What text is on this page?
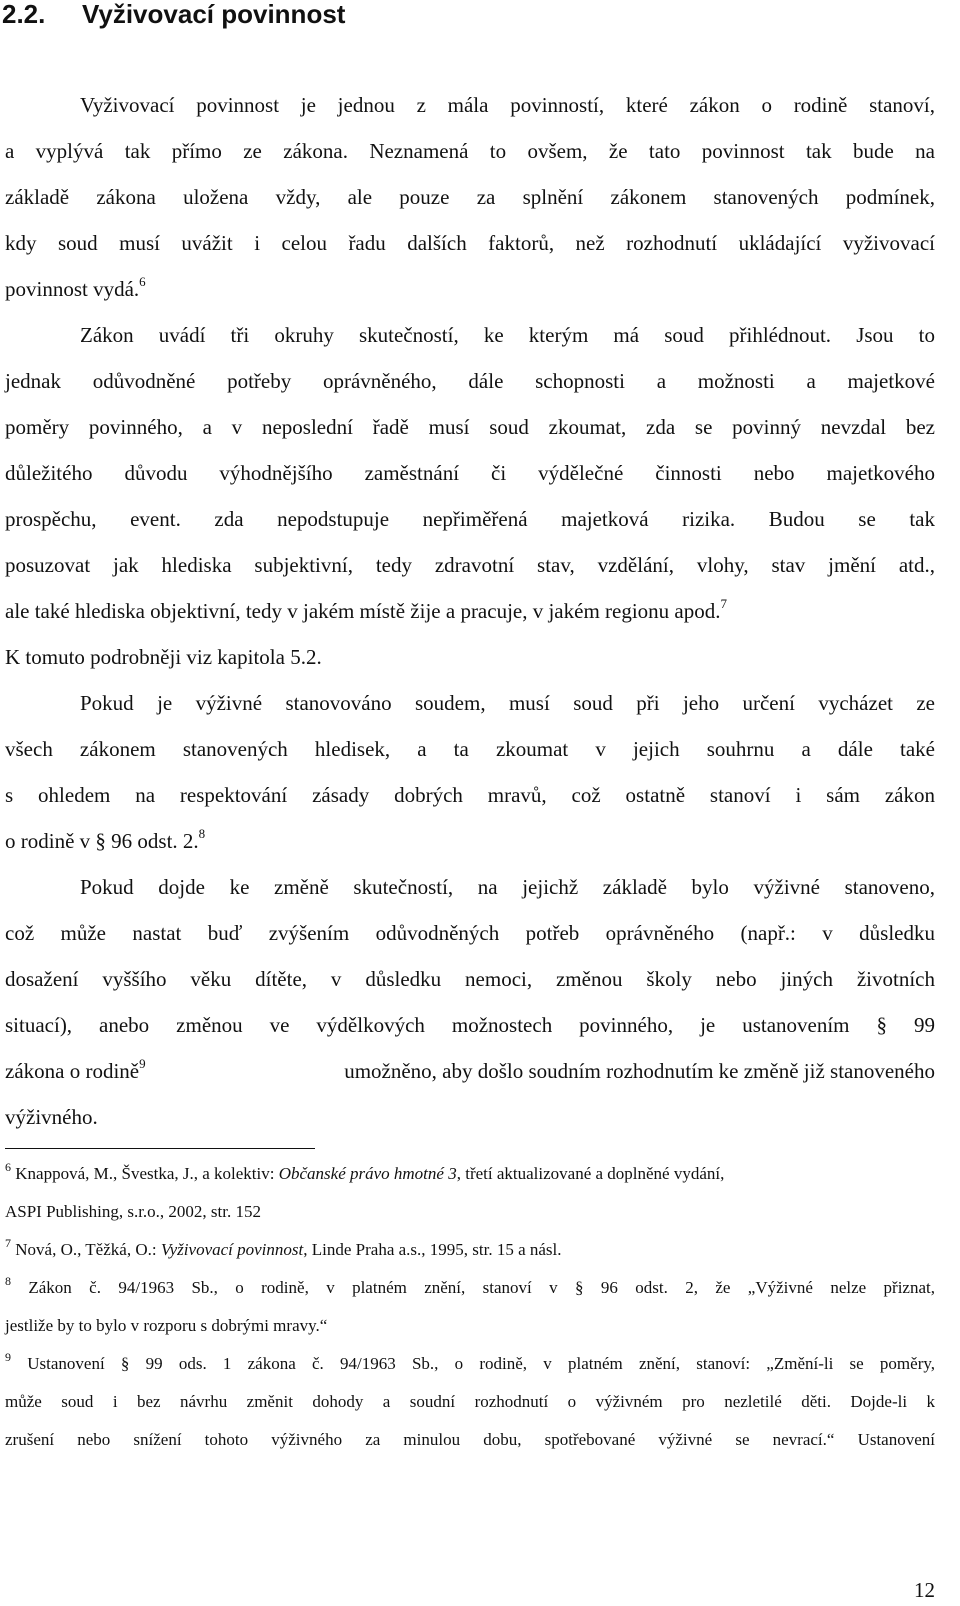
2.2. Vyživovací povinnost
Vyživovací povinnost je jednou z mála povinností, které zákon o rodině stanoví,
a vyplývá tak přímo ze zákona. Neznamená to ovšem, že tato povinnost tak bude na
základě zákona uložena vždy, ale pouze za splnění zákonem stanovených podmínek,
kdy soud musí uvážit i celou řadu dalších faktorů, než rozhodnutí ukládající vyživovací
povinnost vydá.$^6$
Zákon uvádí tři okruhy skutečností, ke kterým má soud přihlédnout. Jsou to
jednak odůvodněné potřeby oprávněného, dále schopnosti a možnosti a majetkové
poměry povinného, a v neposlední řadě musí soud zkoumat, zda se povinný nevzdal bez
důležitého důvodu výhodnějšího zaměstnání či výdělečné činnosti nebo majetkového
prospěchu, event. zda nepodstupuje nepřiměřená majetková rizika. Budou se tak
posuzovat jak hlediska subjektivní, tedy zdravotní stav, vzdělání, vlohy, stav jmění atd.,
ale také hlediska objektivní, tedy v jakém místě žije a pracuje, v jakém regionu apod.$^7$
K tomuto podrobněji viz kapitola 5.2.
Pokud je výživné stanovováno soudem, musí soud při jeho určení vycházet ze
všech zákonem stanovených hledisek, a ta zkoumat v jejich souhrnu a dále také
s ohledem na respektování zásady dobrých mravů, což ostatně stanoví i sám zákon
o rodině v § 96 odst. 2.$^8$
Pokud dojde ke změně skutečností, na jejichž základě bylo výživné stanoveno,
což může nastat buď zvýšením odůvodněných potřeb oprávněného (např.: v důsledku
dosažení vyššího věku dítěte, v důsledku nemoci, změnou školy nebo jiných životních
situací), anebo změnou ve výdělkových možnostech povinného, je ustanovením § 99
zákona o rodině$^9$	umožněno, aby došlo soudním rozhodnutím ke změně již stanoveného
výživného.
$^6$ Knappová, M., Švestka, J., a kolektiv: Občanské právo hmotné 3, třetí aktualizované a doplněné vydání,
ASPI Publishing, s.r.o., 2002, str. 152
$^7$ Nová, O., Těžká, O.: Vyživovací povinnost, Linde Praha a.s., 1995, str. 15 a násl.
$^8$ Zákon č. 94/1963 Sb., o rodině, v platném znění, stanoví v § 96 odst. 2, že „Výživné nelze přiznat,
jestliže by to bylo v rozporu s dobrými mravy.“
$^9$ Ustanovení § 99 ods. 1 zákona č. 94/1963 Sb., o rodině, v platném znění, stanoví: „Změní-li se poměry,
může soud i bez návrhu změnit dohody a soudní rozhodnutí o výživném pro nezletilé děti. Dojde-li k
zrušení nebo snížení tohoto výživného za minulou dobu, spotřebované výživné se nevrací.“ Ustanovení
12
